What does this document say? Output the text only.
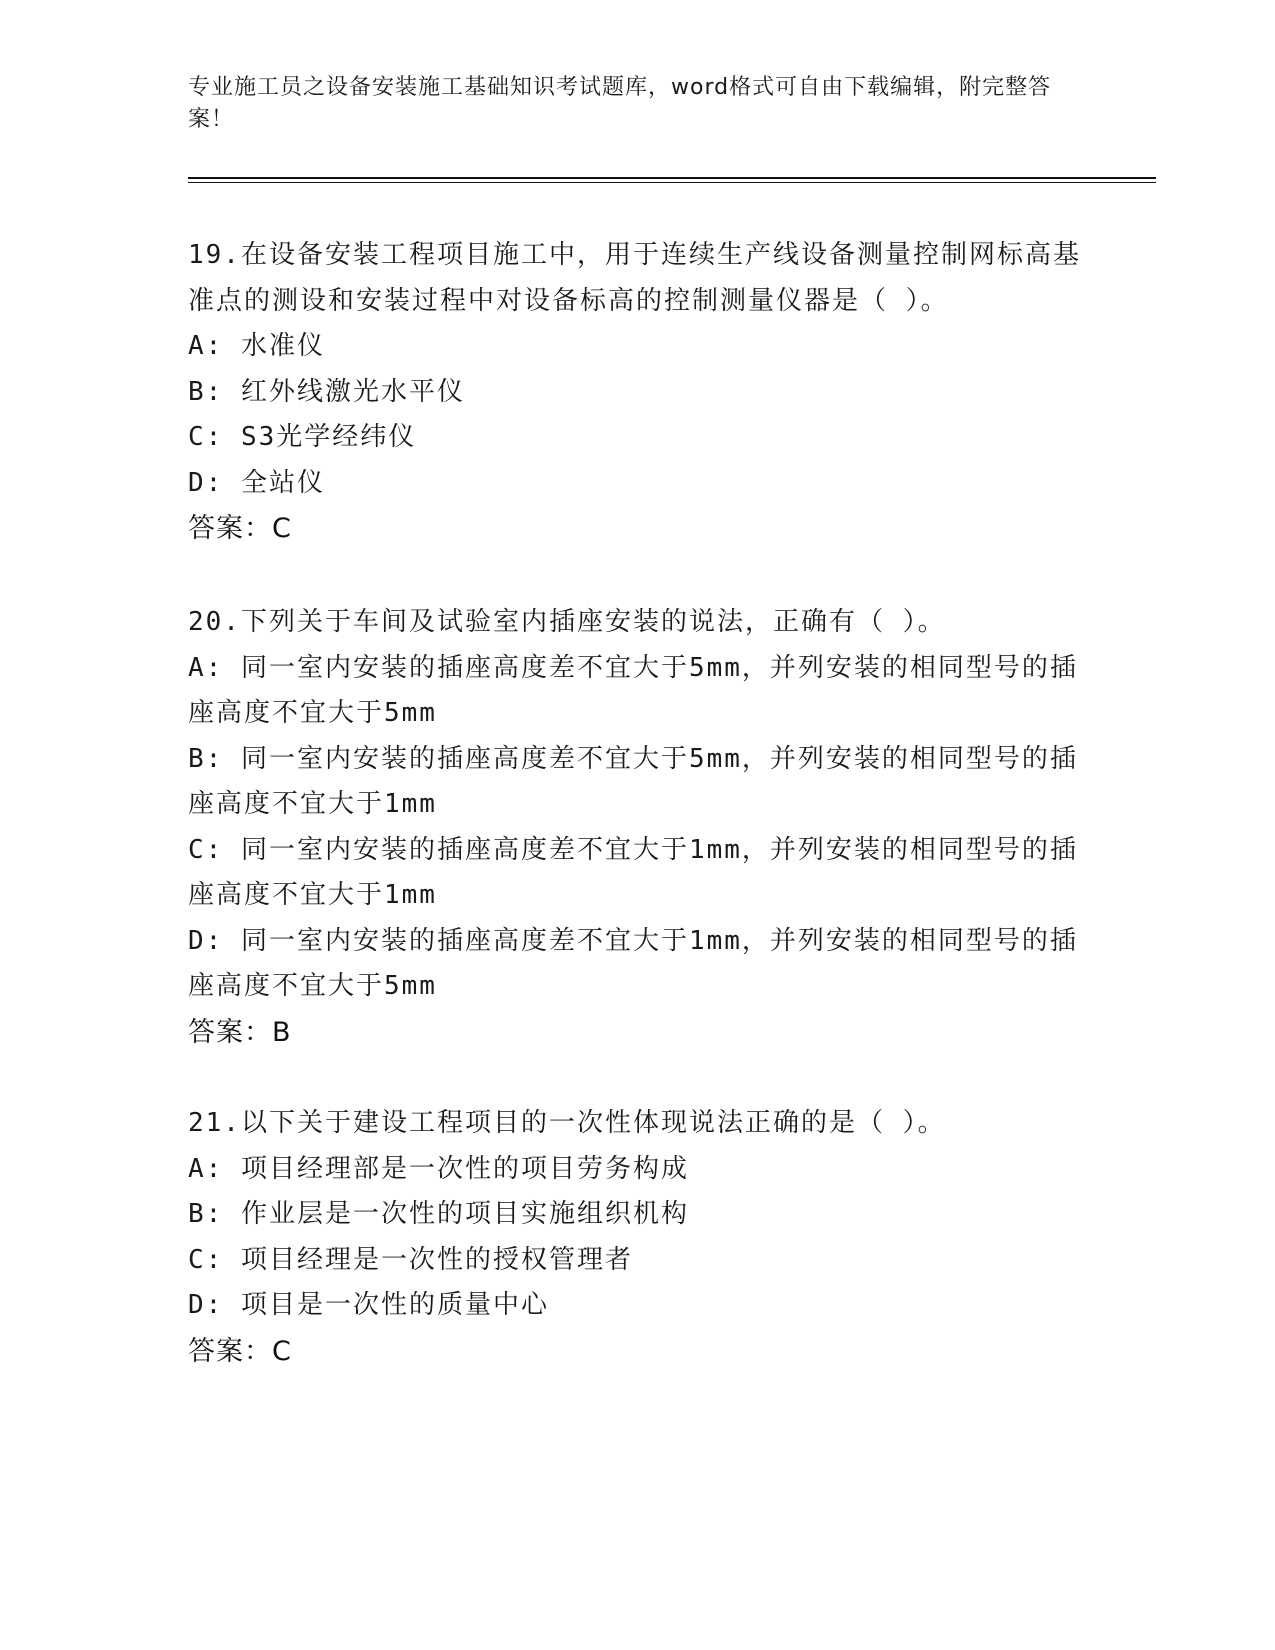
专业施工员之设备安装施工基础知识考试题库，word格式可自由下载编辑，附完整答案！

19.在设备安装工程项目施工中，用于连续生产线设备测量控制网标高基准点的测设和安装过程中对设备标高的控制测量仪器是（ ）。

A: 水准仪

B: 红外线激光水平仪

C: S3光学经纬仪

D: 全站仪

答案：C

20.下列关于车间及试验室内插座安装的说法，正确有（ ）。

A: 同一室内安装的插座高度差不宜大于5mm，并列安装的相同型号的插座高度不宜大于5mm

B: 同一室内安装的插座高度差不宜大于5mm，并列安装的相同型号的插座高度不宜大于1mm

C: 同一室内安装的插座高度差不宜大于1mm，并列安装的相同型号的插座高度不宜大于1mm

D: 同一室内安装的插座高度差不宜大于1mm，并列安装的相同型号的插座高度不宜大于5mm

答案：B

21.以下关于建设工程项目的一次性体现说法正确的是（ ）。

A: 项目经理部是一次性的项目劳务构成

B: 作业层是一次性的项目实施组织机构

C: 项目经理是一次性的授权管理者

D: 项目是一次性的质量中心

答案：C
